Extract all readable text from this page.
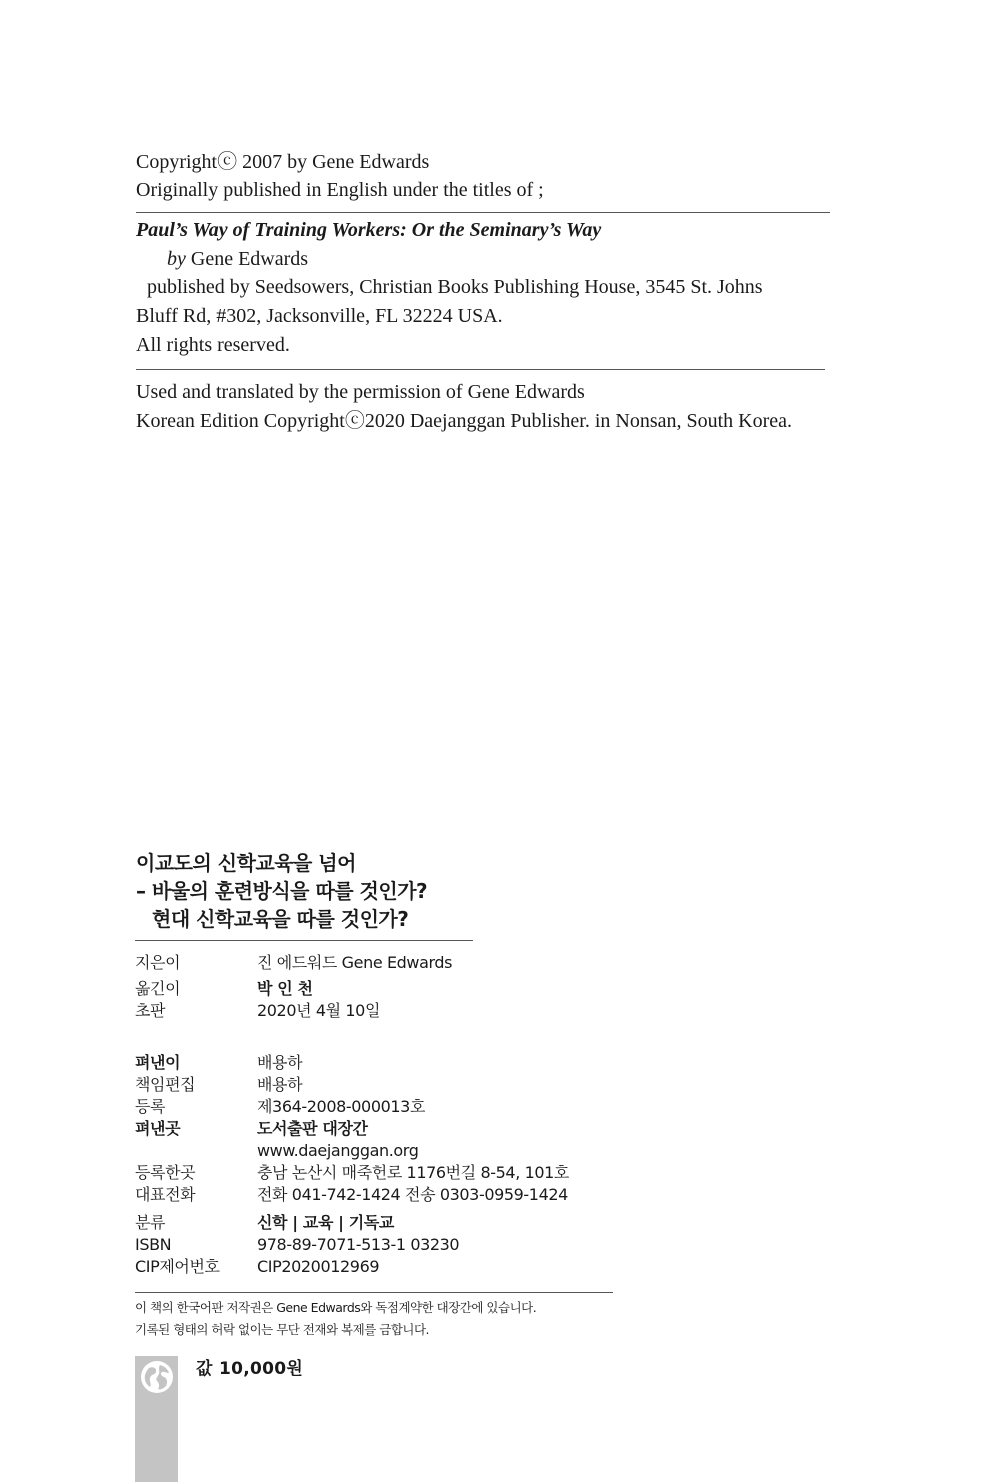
Copyrightⓒ 2007 by Gene Edwards
Originally published in English under the titles of ;
Paul’s Way of Training Workers: Or the Seminary’s Way
by Gene Edwards
published by Seedsowers, Christian Books Publishing House, 3545 St. Johns
Bluff Rd, #302, Jacksonville, FL 32224 USA.
All rights reserved.
Used and translated by the permission of Gene Edwards
Korean Edition Copyrightⓒ2020 Daejanggan Publisher. in Nonsan, South Korea.
이교도의 신학교육을 넘어
– 바울의 훈련방식을 따를 것인가?
현대 신학교육을 따를 것인가?
지은이	진 에드워드 Gene Edwards
옮긴이	박 인 천
초판	2020년 4월 10일
펴낸이	배용하
책임편집	배용하
등록	제364-2008-000013호
펴낸곳	도서출판 대장간
www.daejanggan.org
등록한곳	충남 논산시 매죽헌로 1176번길 8-54, 101호
대표전화	전화 041-742-1424 전송 0303-0959-1424
분류	신학 | 교육 | 기독교
ISBN	978-89-7071-513-1 03230
CIP제어번호 CIP2020012969
이 책의 한국어판 저작권은 Gene Edwards와 독점계약한 대장간에 있습니다.
기록된 형태의 허락 없이는 무단 전재와 복제를 금합니다.
값 10,000원
